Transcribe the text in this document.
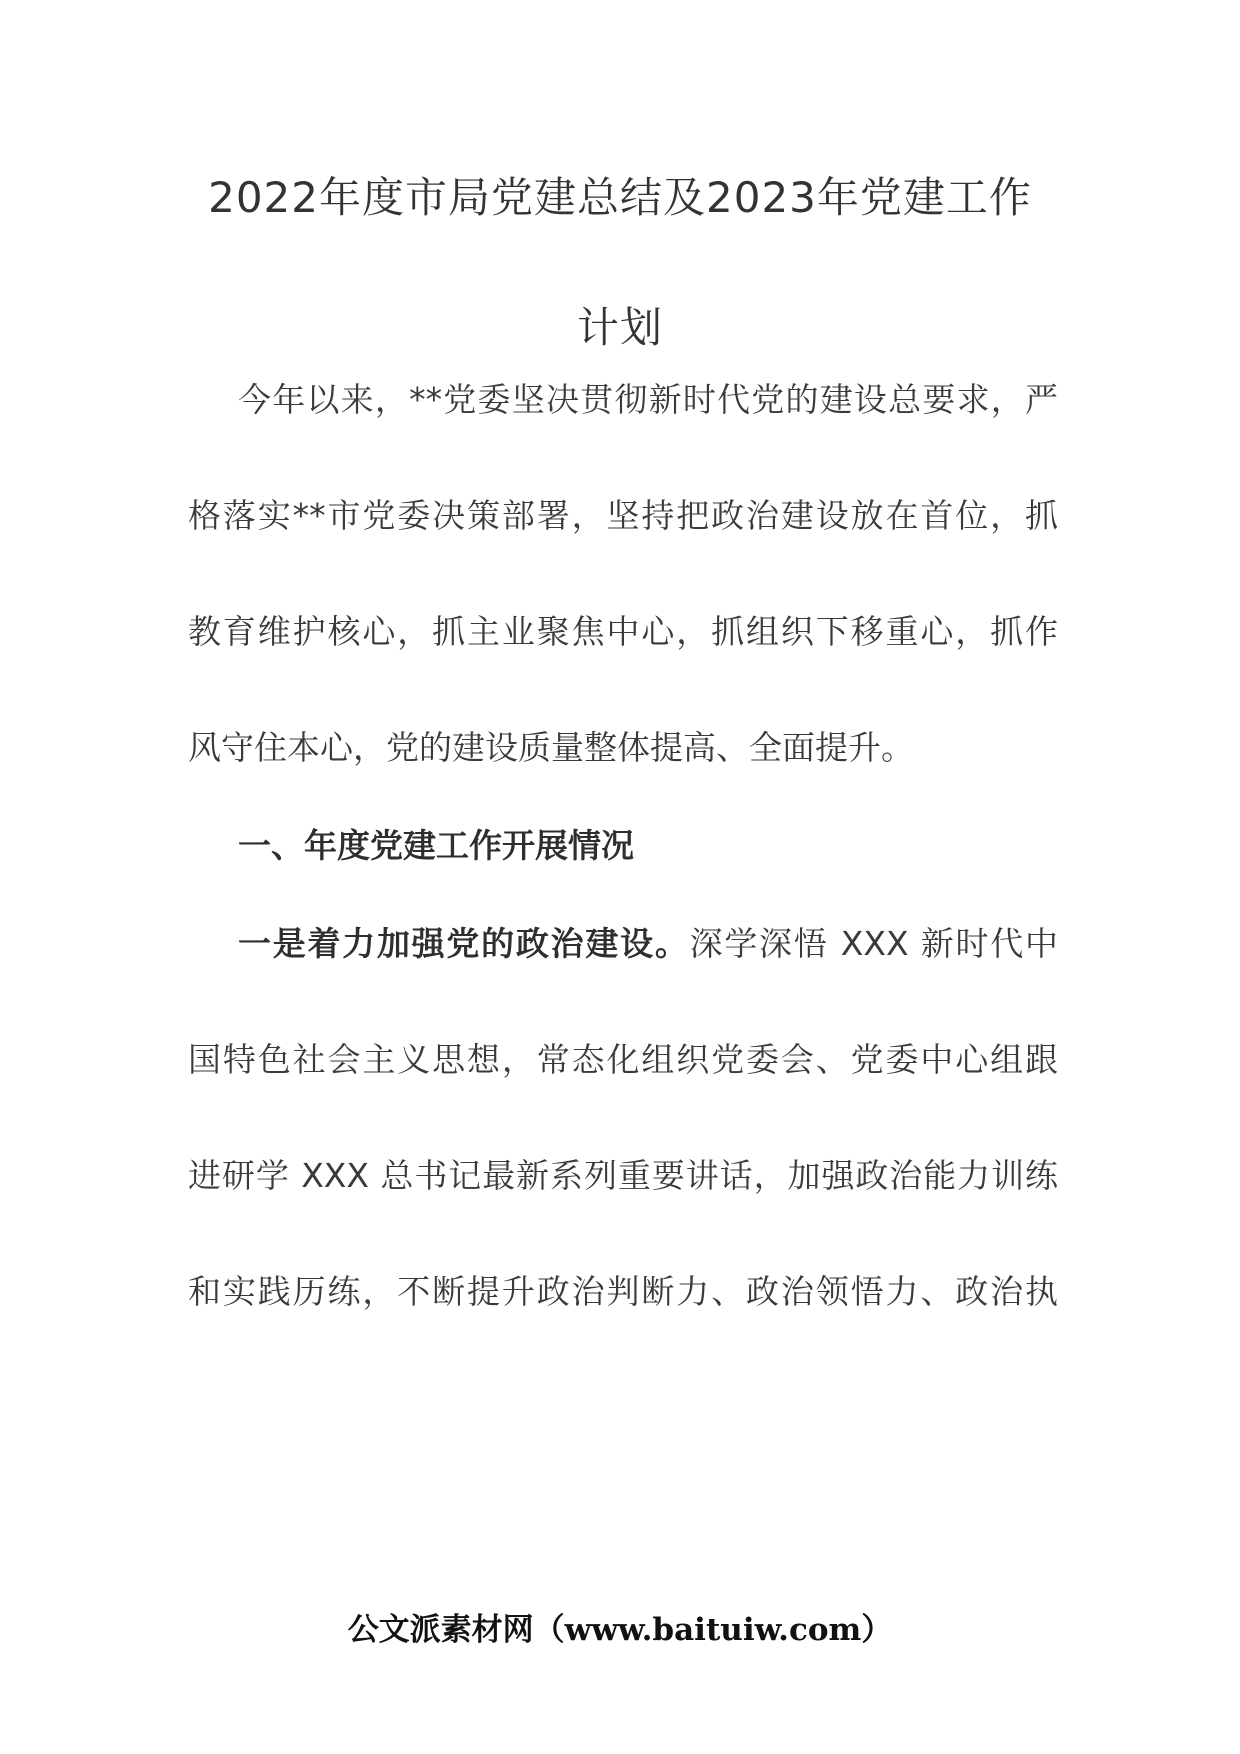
2022年度市局党建总结及2023年党建工作
计划
今年以来，**党委坚决贯彻新时代党的建设总要求，严
格落实**市党委决策部署，坚持把政治建设放在首位，抓
教育维护核心，抓主业聚焦中心，抓组织下移重心，抓作
风守住本心，党的建设质量整体提高、全面提升。
一、年度党建工作开展情况
一是着力加强党的政治建设。深学深悟 XXX 新时代中
国特色社会主义思想，常态化组织党委会、党委中心组跟
进研学 XXX 总书记最新系列重要讲话，加强政治能力训练
和实践历练，不断提升政治判断力、政治领悟力、政治执
公文派素材网（www.baituiw.com）
